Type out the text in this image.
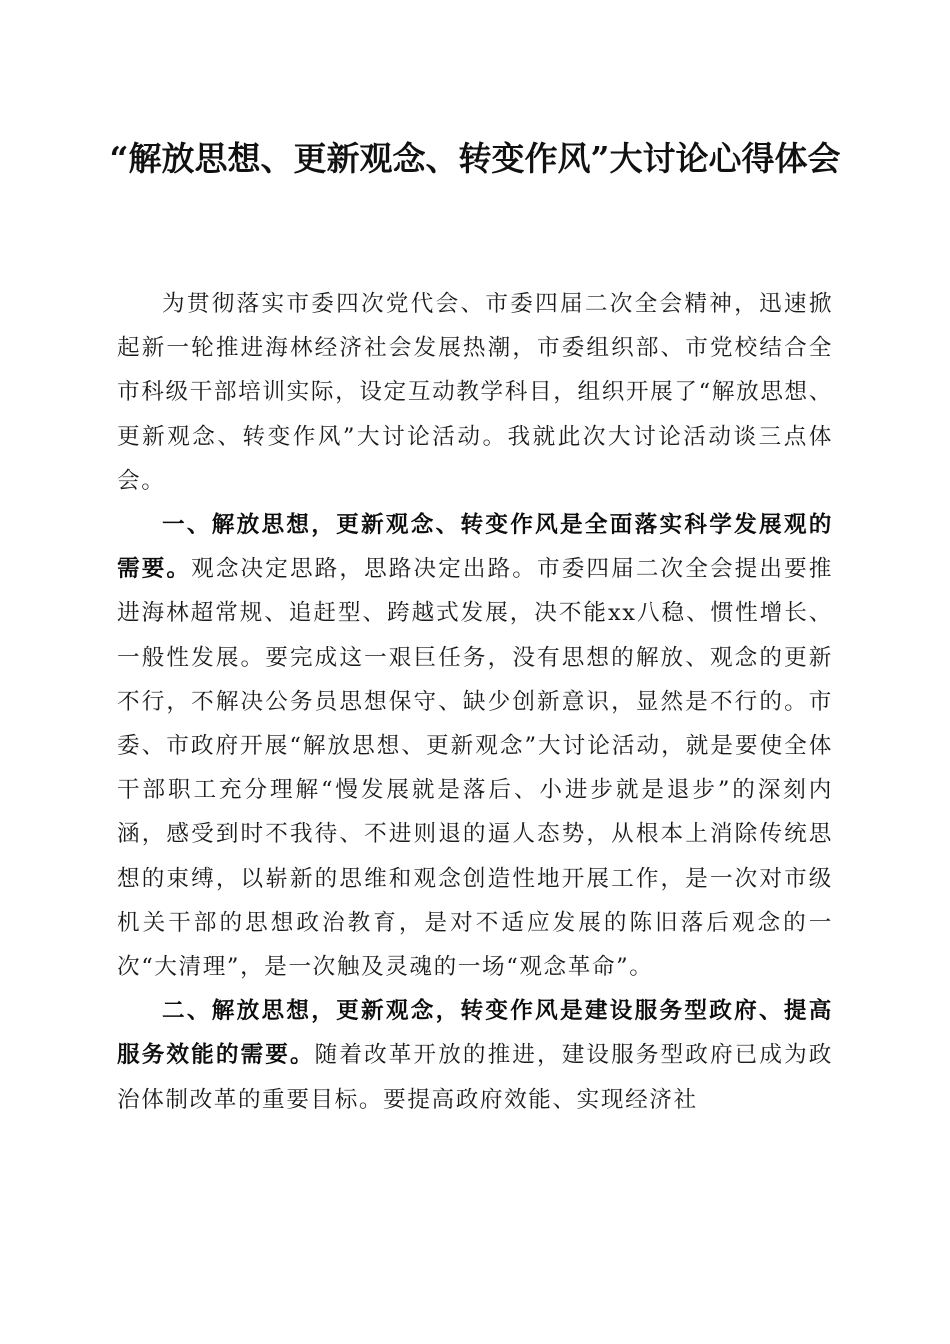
“解放思想、更新观念、转变作风”大讨论心得体会

为贯彻落实市委四次党代会、市委四届二次全会精神，迅速掀起新一轮推进海林经济社会发展热潮，市委组织部、市党校结合全市科级干部培训实际，设定互动教学科目，组织开展了“解放思想、更新观念、转变作风”大讨论活动。我就此次大讨论活动谈三点体会。

一、解放思想，更新观念、转变作风是全面落实科学发展观的需要。观念决定思路，思路决定出路。市委四届二次全会提出要推进海林超常规、追赶型、跨越式发展，决不能xx八稳、惯性增长、一般性发展。要完成这一艰巨任务，没有思想的解放、观念的更新不行，不解决公务员思想保守、缺少创新意识，显然是不行的。市委、市政府开展“解放思想、更新观念”大讨论活动，就是要使全体干部职工充分理解“慢发展就是落后、小进步就是退步”的深刻内涵，感受到时不我待、不进则退的逼人态势，从根本上消除传统思想的束缚，以崭新的思维和观念创造性地开展工作，是一次对市级机关干部的思想政治教育，是对不适应发展的陈旧落后观念的一次“大清理”，是一次触及灵魂的一场“观念革命”。

二、解放思想，更新观念，转变作风是建设服务型政府、提高服务效能的需要。随着改革开放的推进，建设服务型政府已成为政治体制改革的重要目标。要提高政府效能、实现经济社
